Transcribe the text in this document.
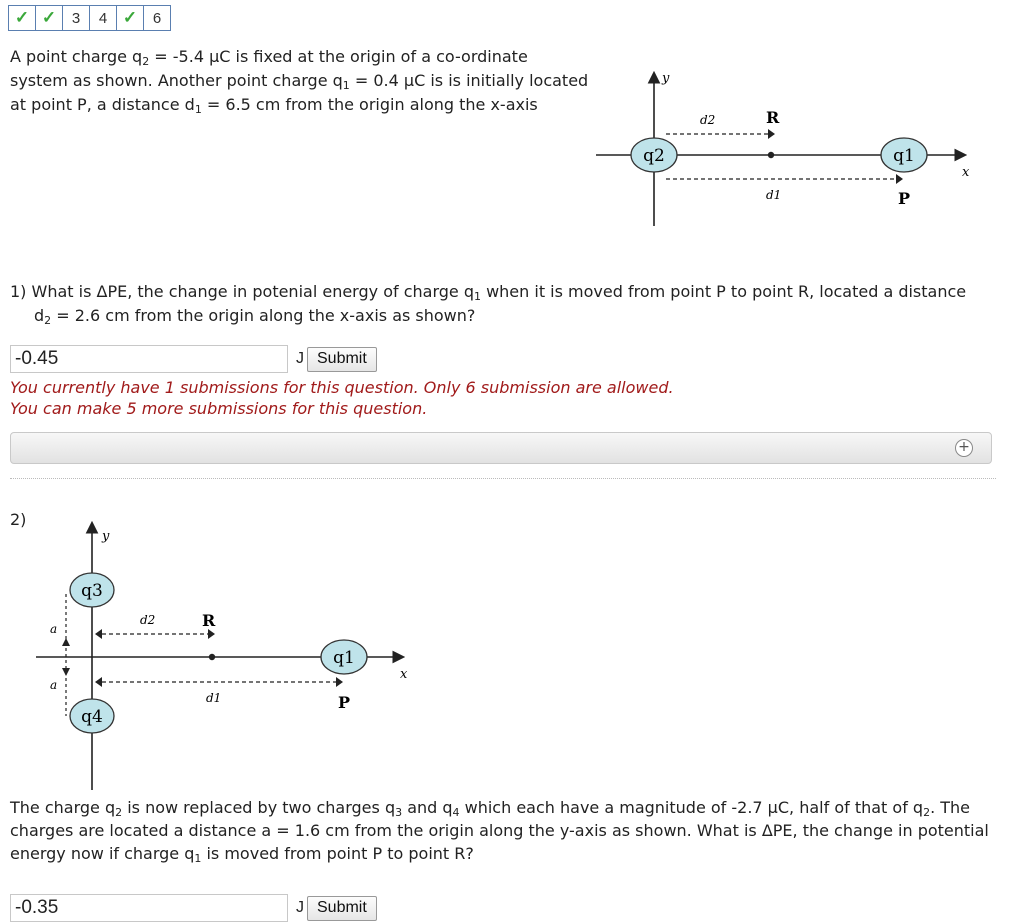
✓ ✓ 3 4 ✓ 6
A point charge $q_2 = -5.4$ μC is fixed at the origin of a co-ordinate
system as shown. Another point charge $q_1 = 0.4$ μC is is initially located
at point P, a distance $d_1 = 6.5$ cm from the origin along the x-axis
y
x
d2	R
d1	P
q2	q1
1) What is ΔPE, the change in potenial energy of charge $q_1$ when it is moved from point P to point R, located a distance
$d_2 = 2.6$ cm from the origin along the x-axis as shown?
-0.45
J Submit
You currently have 1 submissions for this question. Only 6 submission are allowed.
You can make 5 more submissions for this question.
+
2)
y
x
a
a
d2	R
d1	P
q3
q4
q1
The charge $q_2$ is now replaced by two charges $q_3$ and $q_4$ which each have a magnitude of -2.7 μC, half of that of $q_2$. The
charges are located a distance a = 1.6 cm from the origin along the y-axis as shown. What is ΔPE, the change in potential
energy now if charge $q_1$ is moved from point P to point R?
-0.35
J Submit
